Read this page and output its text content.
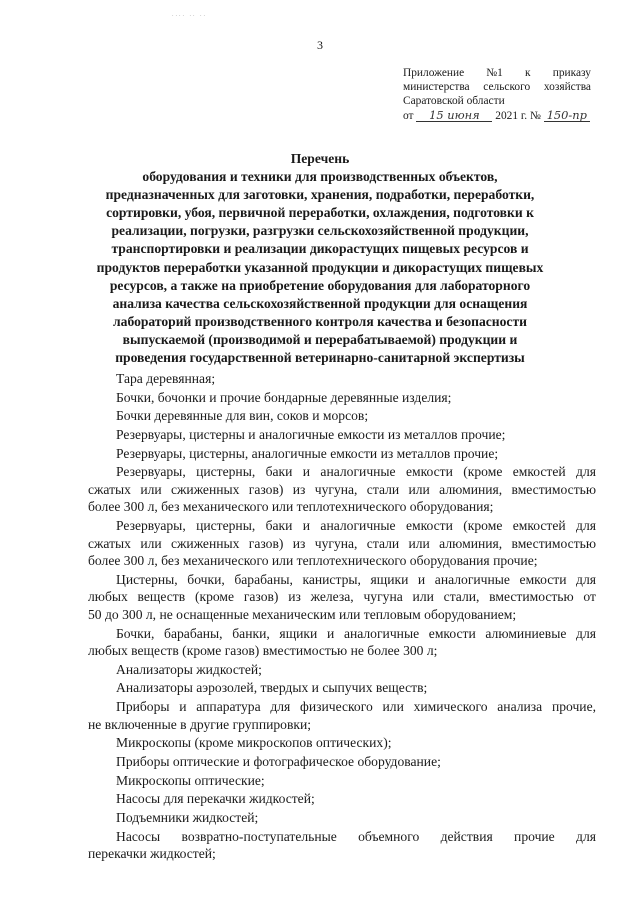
.... .. ..
3
Приложение №1 к приказу
министерства сельского хозяйства
Саратовской области
от 15 июня 2021 г. № 150-пр
Перечень
оборудования и техники для производственных объектов,
предназначенных для заготовки, хранения, подработки, переработки,
сортировки, убоя, первичной переработки, охлаждения, подготовки к
реализации, погрузки, разгрузки сельскохозяйственной продукции,
транспортировки и реализации дикорастущих пищевых ресурсов и
продуктов переработки указанной продукции и дикорастущих пищевых
ресурсов, а также на приобретение оборудования для лабораторного
анализа качества сельскохозяйственной продукции для оснащения
лабораторий производственного контроля качества и безопасности
выпускаемой (производимой и перерабатываемой) продукции и
проведения государственной ветеринарно-санитарной экспертизы
Тара деревянная;
Бочки, бочонки и прочие бондарные деревянные изделия;
Бочки деревянные для вин, соков и морсов;
Резервуары, цистерны и аналогичные емкости из металлов прочие;
Резервуары, цистерны, аналогичные емкости из металлов прочие;
Резервуары, цистерны, баки и аналогичные емкости (кроме емкостей для
сжатых или сжиженных газов) из чугуна, стали или алюминия, вместимостью
более 300 л, без механического или теплотехнического оборудования;
Резервуары, цистерны, баки и аналогичные емкости (кроме емкостей для
сжатых или сжиженных газов) из чугуна, стали или алюминия, вместимостью
более 300 л, без механического или теплотехнического оборудования прочие;
Цистерны, бочки, барабаны, канистры, ящики и аналогичные емкости для
любых веществ (кроме газов) из железа, чугуна или стали, вместимостью от
50 до 300 л, не оснащенные механическим или тепловым оборудованием;
Бочки, барабаны, банки, ящики и аналогичные емкости алюминиевые для
любых веществ (кроме газов) вместимостью не более 300 л;
Анализаторы жидкостей;
Анализаторы аэрозолей, твердых и сыпучих веществ;
Приборы и аппаратура для физического или химического анализа прочие,
не включенные в другие группировки;
Микроскопы (кроме микроскопов оптических);
Приборы оптические и фотографическое оборудование;
Микроскопы оптические;
Насосы для перекачки жидкостей;
Подъемники жидкостей;
Насосы возвратно-поступательные объемного действия прочие для
перекачки жидкостей;
